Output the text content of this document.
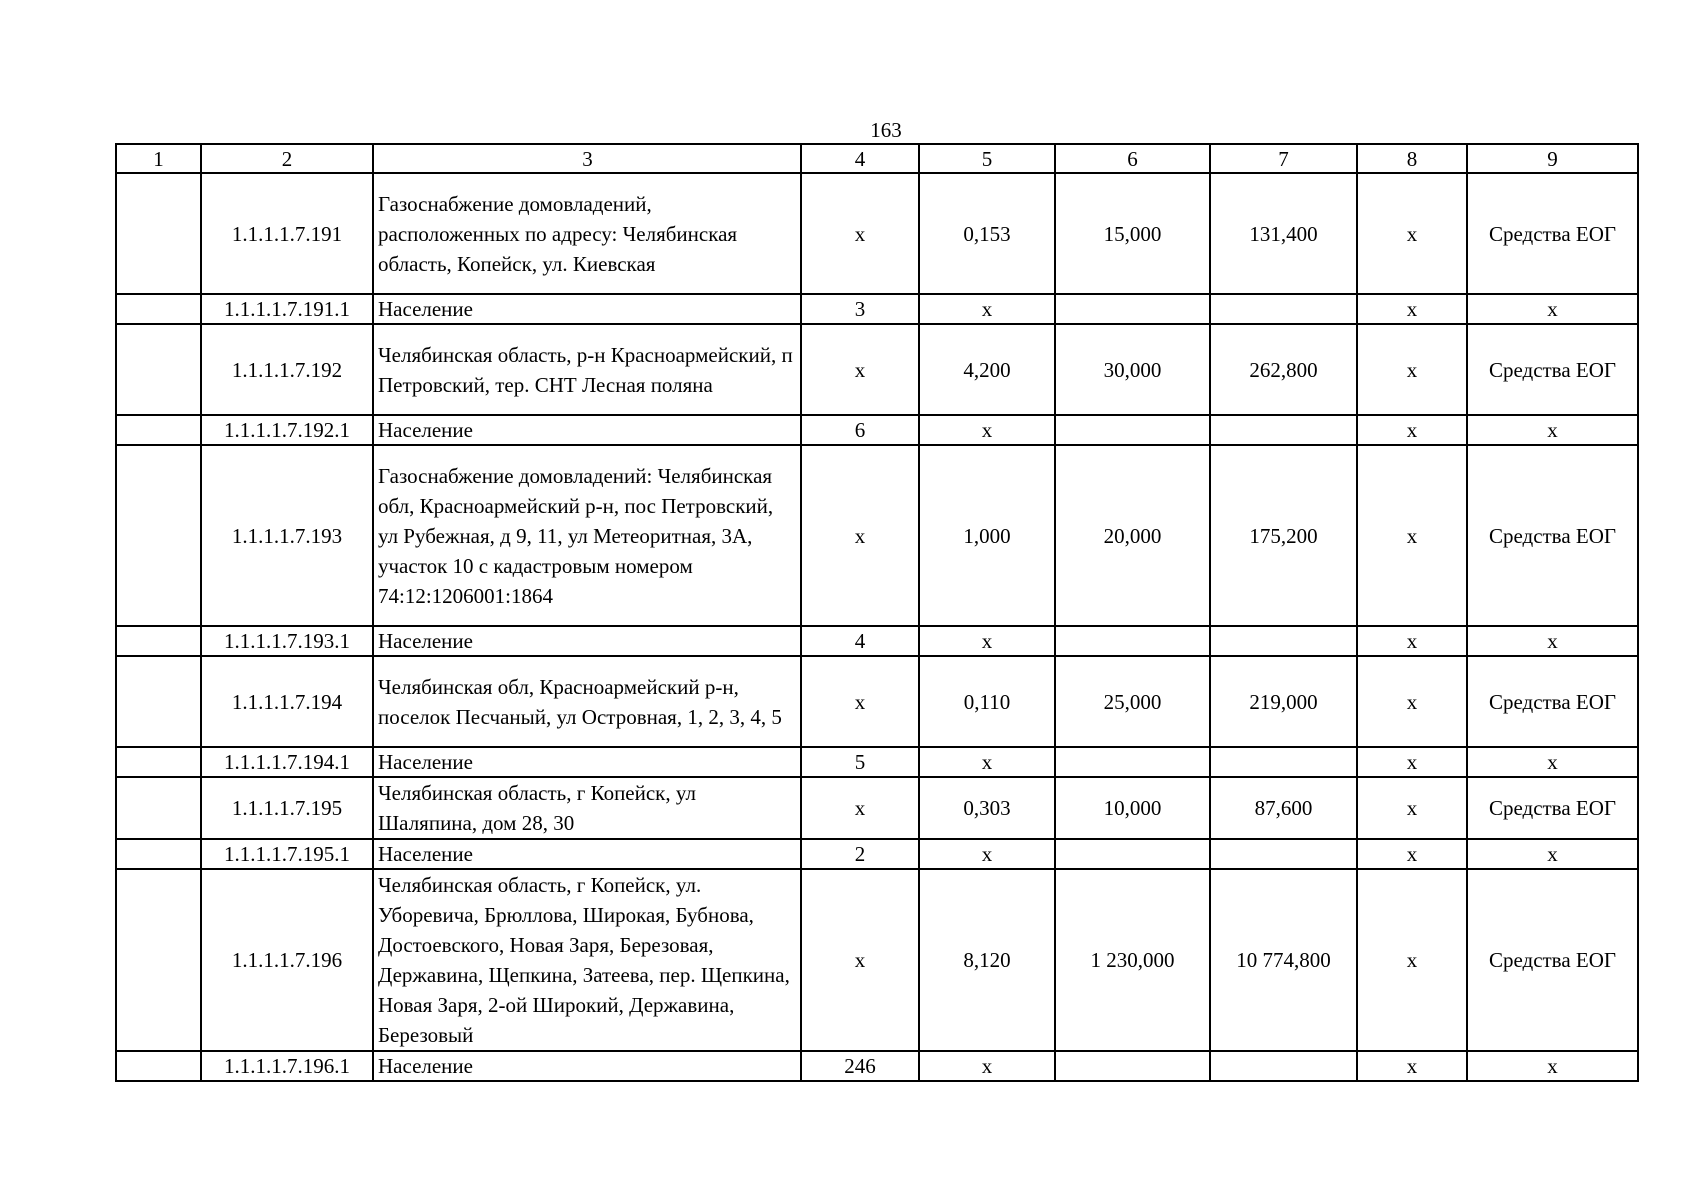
163
1	2	3	4	5	6	7	8	9
	1.1.1.1.7.191	Газоснабжение домовладений, расположенных по адресу: Челябинская область, Копейск, ул. Киевская	х	0,153	15,000	131,400	х	Средства ЕОГ
	1.1.1.1.7.191.1	Население	3	х			х	х
	1.1.1.1.7.192	Челябинская область, р-н Красноармейский, п Петровский, тер. СНТ Лесная поляна	х	4,200	30,000	262,800	х	Средства ЕОГ
	1.1.1.1.7.192.1	Население	6	х			х	х
	1.1.1.1.7.193	Газоснабжение домовладений: Челябинская обл, Красноармейский р-н, пос Петровский, ул Рубежная, д 9, 11, ул Метеоритная, 3А, участок 10 с кадастровым номером 74:12:1206001:1864	х	1,000	20,000	175,200	х	Средства ЕОГ
	1.1.1.1.7.193.1	Население	4	х			х	х
	1.1.1.1.7.194	Челябинская обл, Красноармейский р-н, поселок Песчаный, ул Островная, 1, 2, 3, 4, 5	х	0,110	25,000	219,000	х	Средства ЕОГ
	1.1.1.1.7.194.1	Население	5	х			х	х
	1.1.1.1.7.195	Челябинская область, г Копейск, ул Шаляпина, дом 28, 30	х	0,303	10,000	87,600	х	Средства ЕОГ
	1.1.1.1.7.195.1	Население	2	х			х	х
	1.1.1.1.7.196	Челябинская область, г Копейск, ул. Уборевича, Брюллова, Широкая, Бубнова, Достоевского, Новая Заря, Березовая, Державина, Щепкина, Затеева, пер. Щепкина, Новая Заря, 2-ой Широкий, Державина, Березовый	х	8,120	1 230,000	10 774,800	х	Средства ЕОГ
	1.1.1.1.7.196.1	Население	246	х			х	х
